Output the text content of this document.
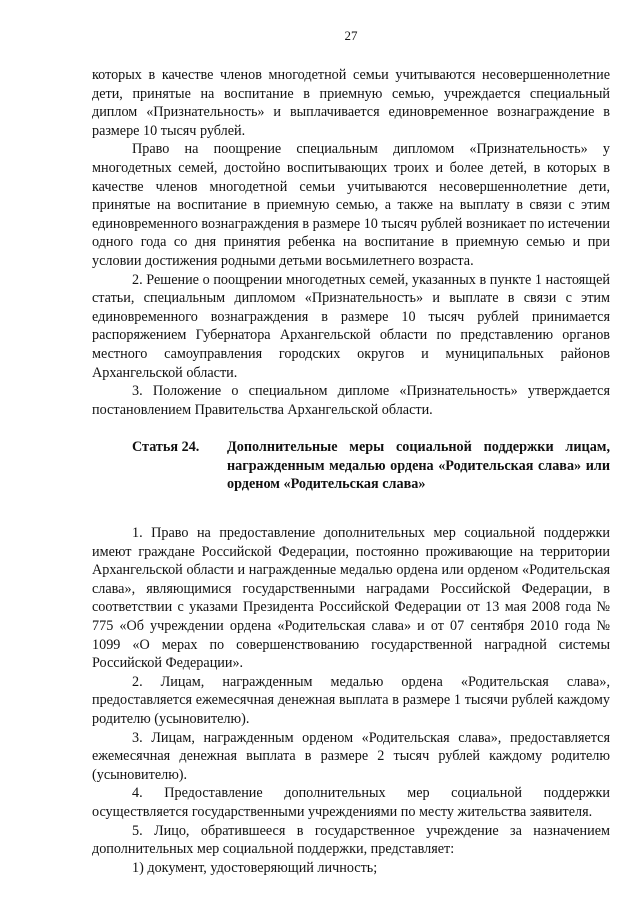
27

которых в качестве членов многодетной семьи учитываются несовершеннолетние дети, принятые на воспитание в приемную семью, учреждается специальный диплом «Признательность» и выплачивается единовременное вознаграждение в размере 10 тысяч рублей.

Право на поощрение специальным дипломом «Признательность» у многодетных семей, достойно воспитывающих троих и более детей, в которых в качестве членов многодетной семьи учитываются несовершеннолетние дети, принятые на воспитание в приемную семью, а также на выплату в связи с этим единовременного вознаграждения в размере 10 тысяч рублей возникает по истечении одного года со дня принятия ребенка на воспитание в приемную семью и при условии достижения родными детьми восьмилетнего возраста.

2. Решение о поощрении многодетных семей, указанных в пункте 1 настоящей статьи, специальным дипломом «Признательность» и выплате в связи с этим единовременного вознаграждения в размере 10 тысяч рублей принимается распоряжением Губернатора Архангельской области по представлению органов местного самоуправления городских округов и муниципальных районов Архангельской области.

3. Положение о специальном дипломе «Признательность» утверждается постановлением Правительства Архангельской области.

Статья 24.	Дополнительные меры социальной поддержки лицам, награжденным медалью ордена «Родительская слава» или орденом «Родительская слава»

1. Право на предоставление дополнительных мер социальной поддержки имеют граждане Российской Федерации, постоянно проживающие на территории Архангельской области и награжденные медалью ордена или орденом «Родительская слава», являющимися государственными наградами Российской Федерации, в соответствии с указами Президента Российской Федерации от 13 мая 2008 года № 775 «Об учреждении ордена «Родительская слава» и от 07 сентября 2010 года № 1099 «О мерах по совершенствованию государственной наградной системы Российской Федерации».

2. Лицам, награжденным медалью ордена «Родительская слава», предоставляется ежемесячная денежная выплата в размере 1 тысячи рублей каждому родителю (усыновителю).

3. Лицам, награжденным орденом «Родительская слава», предоставляется ежемесячная денежная выплата в размере 2 тысяч рублей каждому родителю (усыновителю).

4. Предоставление дополнительных мер социальной поддержки осуществляется государственными учреждениями по месту жительства заявителя.

5. Лицо, обратившееся в государственное учреждение за назначением дополнительных мер социальной поддержки, представляет:

1) документ, удостоверяющий личность;
